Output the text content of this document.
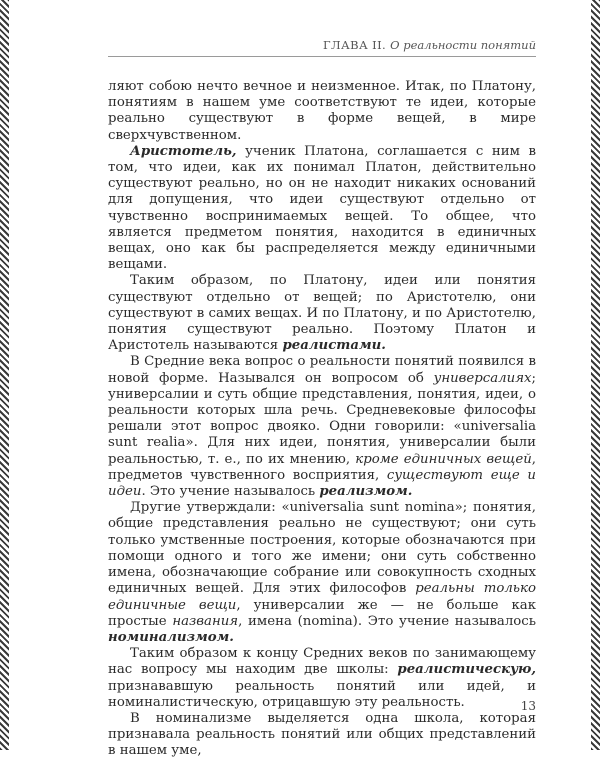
ГЛАВА II. О реальности понятий

ляют собою нечто вечное и неизменное. Итак, по Платону, понятиям в нашем уме соответствуют те идеи, которые реально существуют в форме вещей, в мире сверхчувственном.

Аристотель, ученик Платона, соглашается с ним в том, что идеи, как их понимал Платон, действительно существуют реально, но он не находит никаких оснований для допущения, что идеи существуют отдельно от чувственно воспринимаемых вещей. То общее, что является предметом понятия, находится в единичных вещах, оно как бы распределяется между единичными вещами.

Таким образом, по Платону, идеи или понятия существуют отдельно от вещей; по Аристотелю, они существуют в самих вещах. И по Платону, и по Аристотелю, понятия существуют реально. Поэтому Платон и Аристотель называются реалистами.

В Средние века вопрос о реальности понятий появился в новой форме. Назывался он вопросом об универсалиях; универсалии и суть общие представления, понятия, идеи, о реальности которых шла речь. Средневековые философы решали этот вопрос двояко. Одни говорили: «universalia sunt realia». Для них идеи, понятия, универсалии были реальностью, т. е., по их мнению, кроме единичных вещей, предметов чувственного восприятия, существуют еще и идеи. Это учение называлось реализмом.

Другие утверждали: «universalia sunt nomina»; понятия, общие представления реально не существуют; они суть только умственные построения, которые обозначаются при помощи одного и того же имени; они суть собственно имена, обозначающие собрание или совокупность сходных единичных вещей. Для этих философов реальны только единичные вещи, универсалии же — не больше как простые названия, имена (nomina). Это учение называлось номинализмом.

Таким образом к концу Средних веков по занимающему нас вопросу мы находим две школы: реалистическую, признававшую реальность понятий или идей, и номиналистическую, отрицавшую эту реальность.

В номинализме выделяется одна школа, которая признавала реальность понятий или общих представлений в нашем уме,

13
